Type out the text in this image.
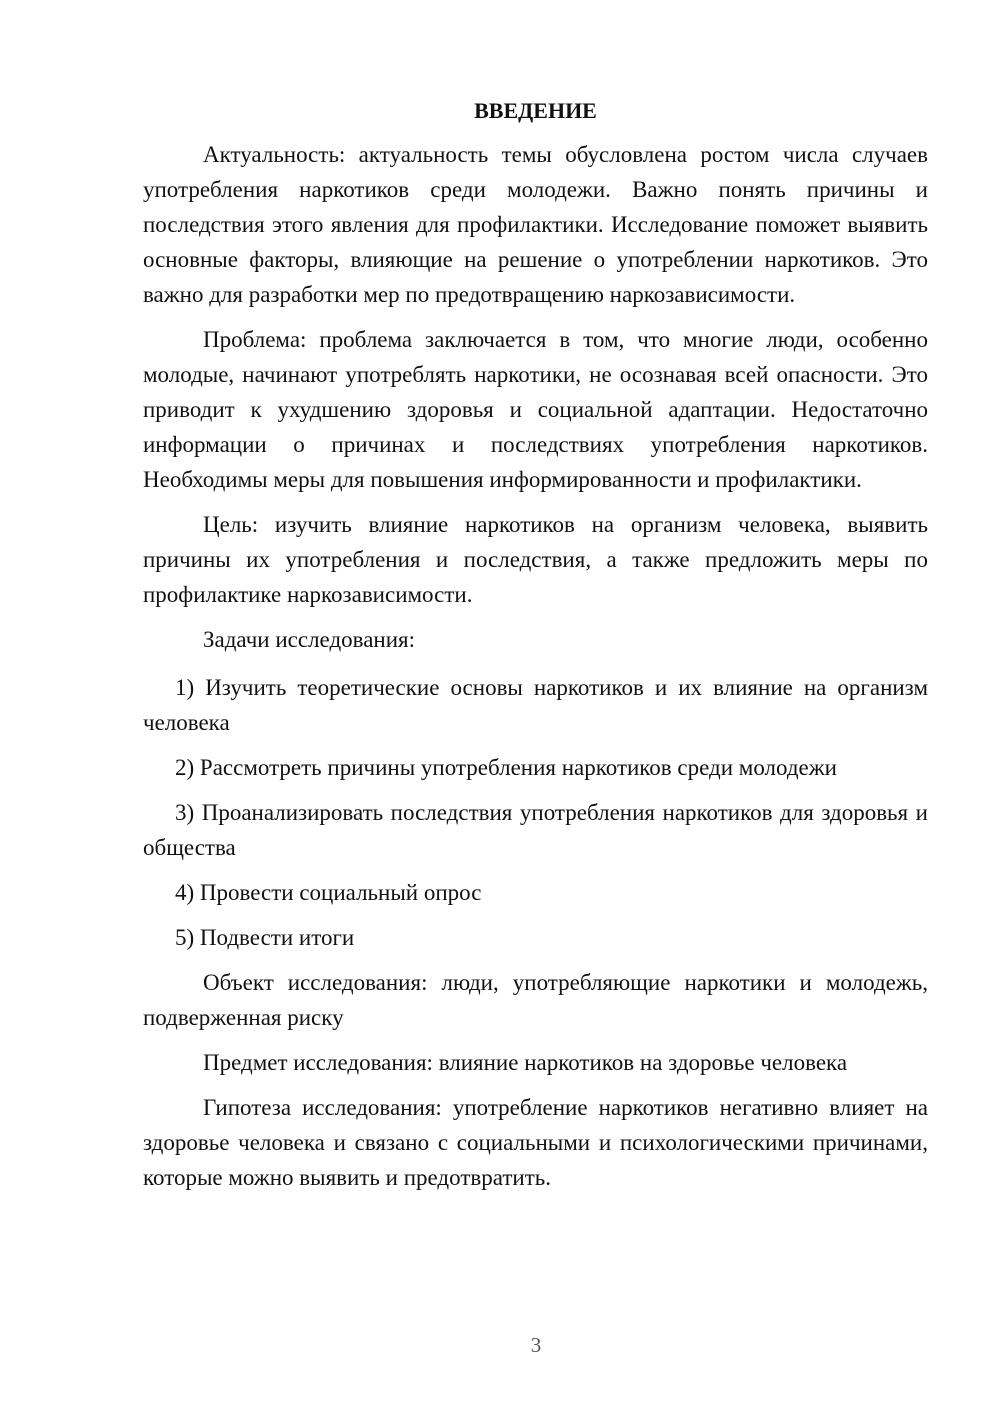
ВВЕДЕНИЕ

Актуальность: актуальность темы обусловлена ростом числа случаев употребления наркотиков среди молодежи. Важно понять причины и последствия этого явления для профилактики. Исследование поможет выявить основные факторы, влияющие на решение о употреблении наркотиков. Это важно для разработки мер по предотвращению наркозависимости.

Проблема: проблема заключается в том, что многие люди, особенно молодые, начинают употреблять наркотики, не осознавая всей опасности. Это приводит к ухудшению здоровья и социальной адаптации. Недостаточно информации о причинах и последствиях употребления наркотиков. Необходимы меры для повышения информированности и профилактики.

Цель: изучить влияние наркотиков на организм человека, выявить причины их употребления и последствия, а также предложить меры по профилактике наркозависимости.

Задачи исследования:

1) Изучить теоретические основы наркотиков и их влияние на организм человека

2) Рассмотреть причины употребления наркотиков среди молодежи

3) Проанализировать последствия употребления наркотиков для здоровья и общества

4) Провести социальный опрос

5) Подвести итоги

Объект исследования: люди, употребляющие наркотики и молодежь, подверженная риску

Предмет исследования: влияние наркотиков на здоровье человека

Гипотеза исследования: употребление наркотиков негативно влияет на здоровье человека и связано с социальными и психологическими причинами, которые можно выявить и предотвратить.

3
